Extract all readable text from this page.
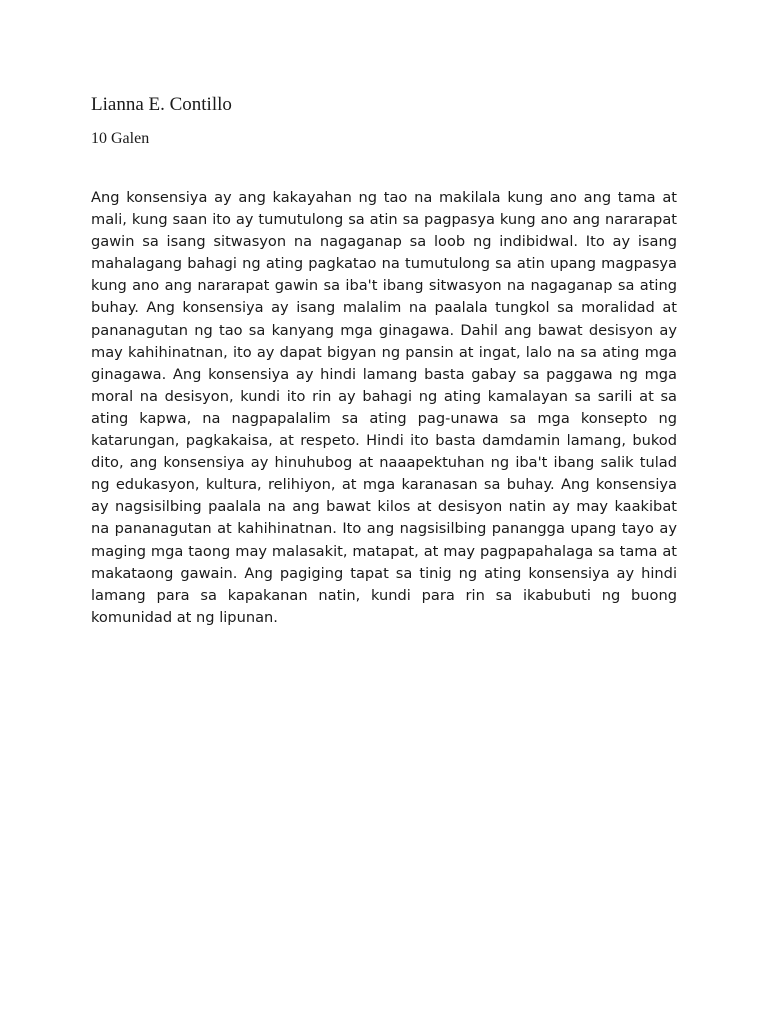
Lianna E. Contillo

10 Galen

Ang konsensiya ay ang kakayahan ng tao na makilala kung ano ang tama at mali, kung saan ito ay tumutulong sa atin sa pagpasya kung ano ang nararapat gawin sa isang sitwasyon na nagaganap sa loob ng indibidwal. Ito ay isang mahalagang bahagi ng ating pagkatao na tumutulong sa atin upang magpasya kung ano ang nararapat gawin sa iba't ibang sitwasyon na nagaganap sa ating buhay. Ang konsensiya ay isang malalim na paalala tungkol sa moralidad at pananagutan ng tao sa kanyang mga ginagawa. Dahil ang bawat desisyon ay may kahihinatnan, ito ay dapat bigyan ng pansin at ingat, lalo na sa ating mga ginagawa. Ang konsensiya ay hindi lamang basta gabay sa paggawa ng mga moral na desisyon, kundi ito rin ay bahagi ng ating kamalayan sa sarili at sa ating kapwa, na nagpapalalim sa ating pag-unawa sa mga konsepto ng katarungan, pagkakaisa, at respeto. Hindi ito basta damdamin lamang, bukod dito, ang konsensiya ay hinuhubog at naaapektuhan ng iba't ibang salik tulad ng edukasyon, kultura, relihiyon, at mga karanasan sa buhay. Ang konsensiya ay nagsisilbing paalala na ang bawat kilos at desisyon natin ay may kaakibat na pananagutan at kahihinatnan. Ito ang nagsisilbing panangga upang tayo ay maging mga taong may malasakit, matapat, at may pagpapahalaga sa tama at makataong gawain. Ang pagiging tapat sa tinig ng ating konsensiya ay hindi lamang para sa kapakanan natin, kundi para rin sa ikabubuti ng buong komunidad at ng lipunan.
